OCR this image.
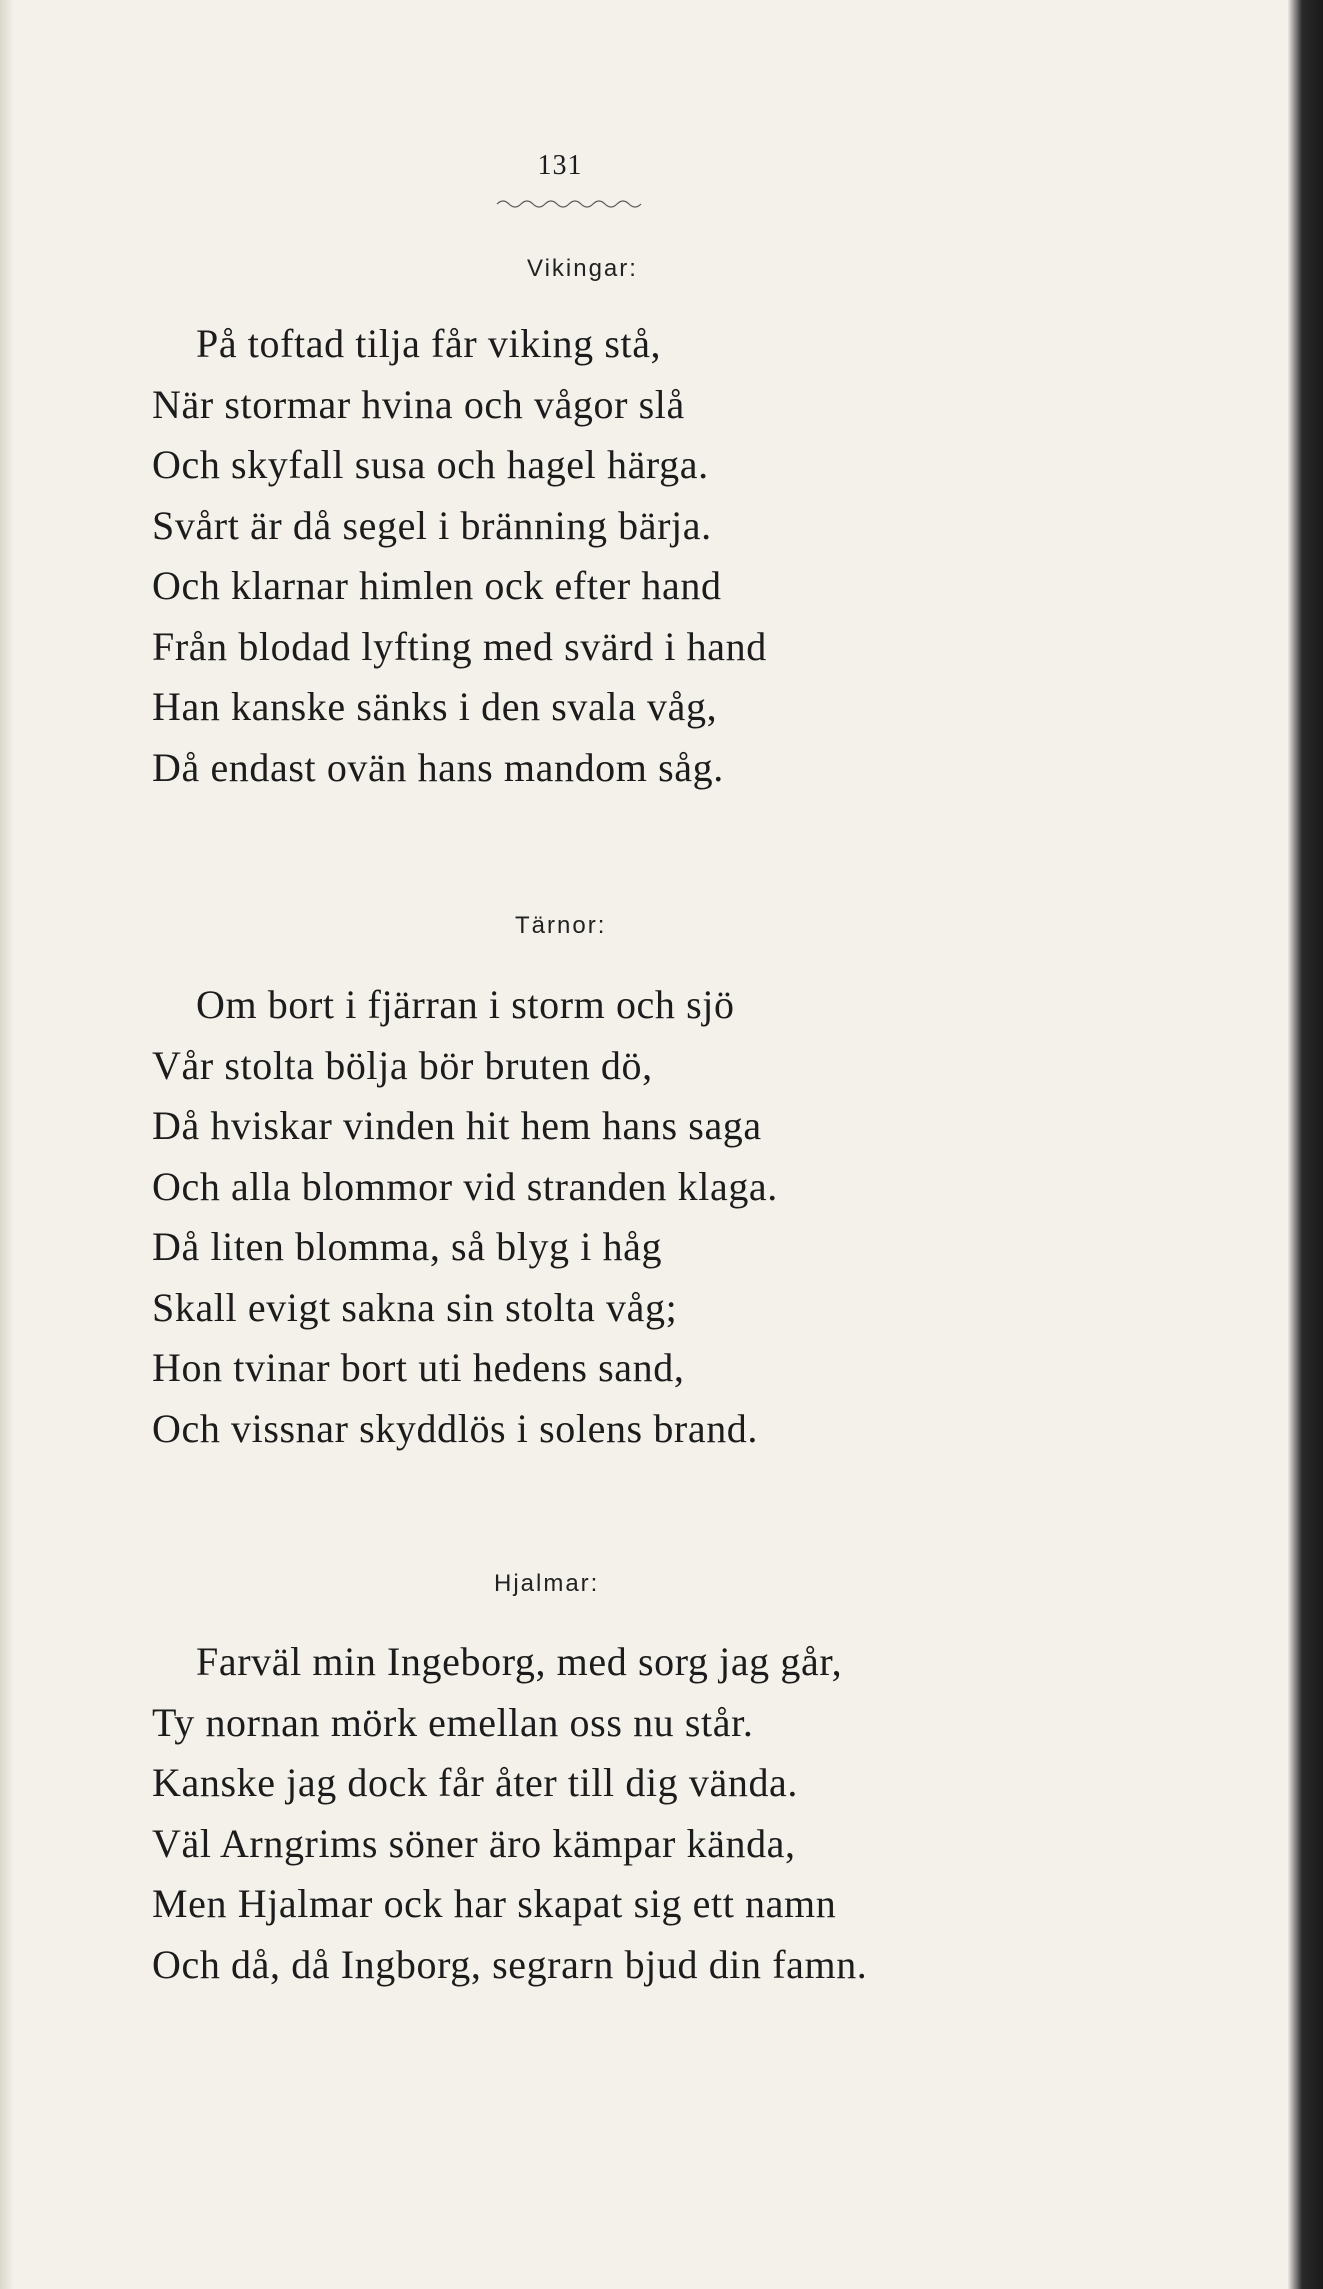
131
Vikingar:
På toftad tilja får viking stå,
När stormar hvina och vågor slå
Och skyfall susa och hagel härga.
Svårt är då segel i bränning bärja.
Och klarnar himlen ock efter hand
Från blodad lyfting med svärd i hand
Han kanske sänks i den svala våg,
Då endast ovän hans mandom såg.
Tärnor:
Om bort i fjärran i storm och sjö
Vår stolta bölja bör bruten dö,
Då hviskar vinden hit hem hans saga
Och alla blommor vid stranden klaga.
Då liten blomma, så blyg i håg
Skall evigt sakna sin stolta våg;
Hon tvinar bort uti hedens sand,
Och vissnar skyddlös i solens brand.
Hjalmar:
Farväl min Ingeborg, med sorg jag går,
Ty nornan mörk emellan oss nu står.
Kanske jag dock får åter till dig vända.
Väl Arngrims söner äro kämpar kända,
Men Hjalmar ock har skapat sig ett namn
Och då, då Ingborg, segrarn bjud din famn.
